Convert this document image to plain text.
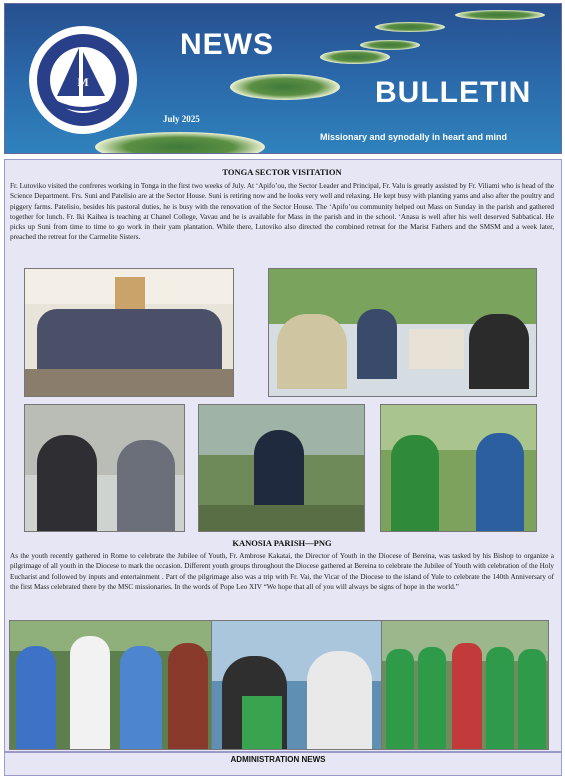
M
NEWS
BULLETIN
July 2025
Missionary and synodally in heart and mind
TONGA SECTOR VISITATION
Fr. Lutoviko visited the confreres working in Tonga in the first two weeks of July. At ‘Apifo’ou, the Sector Leader and Principal, Fr. Valu is greatly assisted by Fr. Viliami who is head of the Science Department. Frs. Suni and Patelisio are at the Sector House. Suni is retiring now and he looks very well and relaxing. He kept busy with planting yams and also after the poultry and piggery farms. Patelisio, besides his pastoral duties, he is busy with the renovation of the Sector House. The ‘Apifo’ou community helped out Mass on Sunday in the parish and gathered together for lunch. Fr. Iki Kaihea is teaching at Chanel College, Vavau and he is available for Mass in the parish and in the school. ‘Anasa is well after his well deserved Sabbatical. He picks up Suni from time to time to go work in their yam plantation. While there, Lutoviko also directed the combined retreat for the Marist Fathers and the SMSM and a week later, preached the retreat for the Carmelite Sisters.
KANOSIA PARISH—PNG
As the youth recently gathered in Rome to celebrate the Jubilee of Youth, Fr. Ambrose Kakatai, the Director of Youth in the Diocese of Bereina, was tasked by his Bishop to organize a pilgrimage of all youth in the Diocese to mark the occasion. Different youth groups throughout the Diocese gathered at Bereina to celebrate the Jubilee of Youth with celebration of the Holy Eucharist and followed by inputs and entertainment . Part of the pilgrimage also was a trip with Fr. Vai, the Vicar of the Diocese to the island of Yule to celebrate the 140th Anniversary of the first Mass celebrated there by the MSC missionaries. In the words of Pope Leo XIV “We hope that all of you will always be signs of hope in the world.”
ADMINISTRATION NEWS
